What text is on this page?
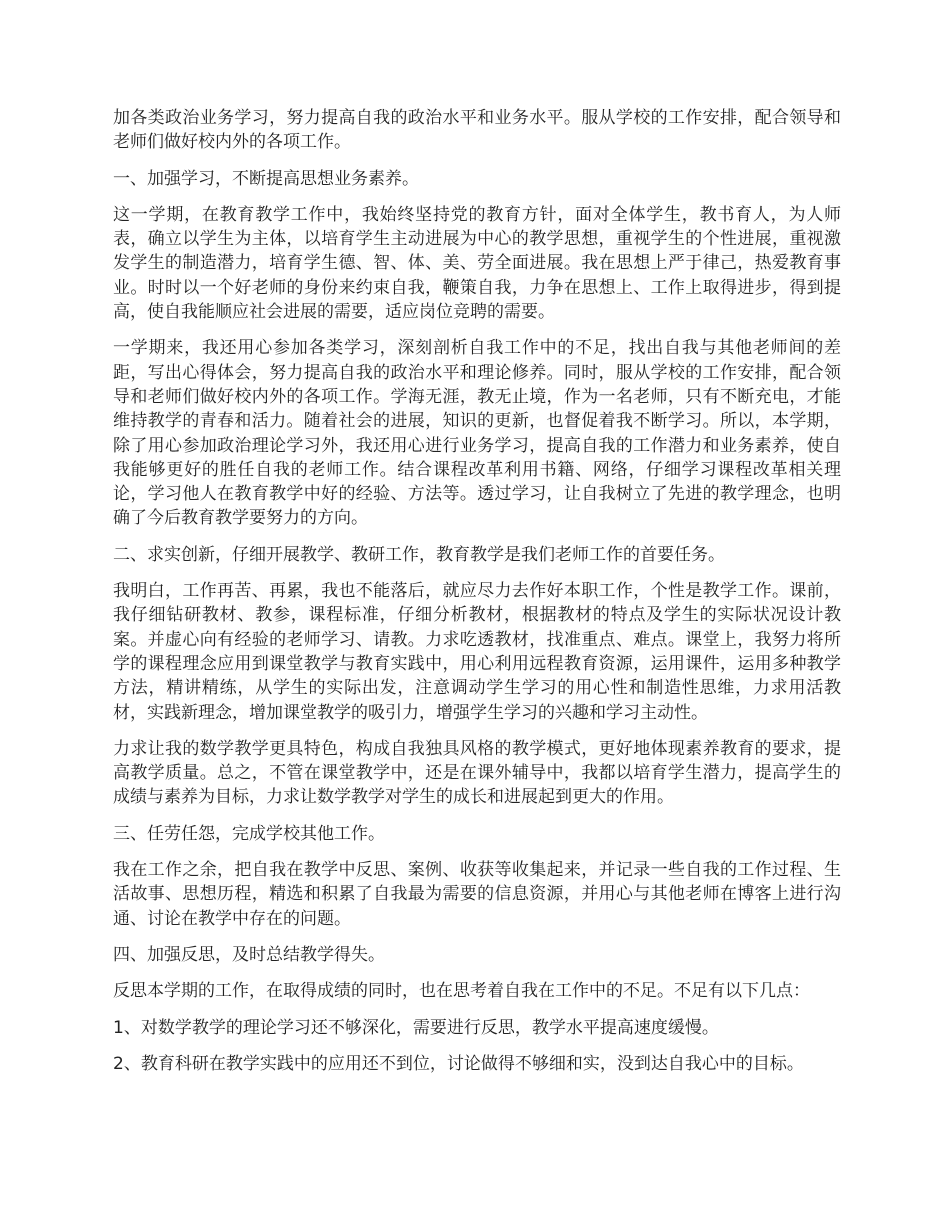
加各类政治业务学习，努力提高自我的政治水平和业务水平。服从学校的工作安排，配合领导和老师们做好校内外的各项工作。

一、加强学习，不断提高思想业务素养。

这一学期，在教育教学工作中，我始终坚持党的教育方针，面对全体学生，教书育人，为人师表，确立以学生为主体，以培育学生主动进展为中心的教学思想，重视学生的个性进展，重视激发学生的制造潜力，培育学生德、智、体、美、劳全面进展。我在思想上严于律己，热爱教育事业。时时以一个好老师的身份来约束自我，鞭策自我，力争在思想上、工作上取得进步，得到提高，使自我能顺应社会进展的需要，适应岗位竞聘的需要。

一学期来，我还用心参加各类学习，深刻剖析自我工作中的不足，找出自我与其他老师间的差距，写出心得体会，努力提高自我的政治水平和理论修养。同时，服从学校的工作安排，配合领导和老师们做好校内外的各项工作。学海无涯，教无止境，作为一名老师，只有不断充电，才能维持教学的青春和活力。随着社会的进展，知识的更新，也督促着我不断学习。所以，本学期，除了用心参加政治理论学习外，我还用心进行业务学习，提高自我的工作潜力和业务素养，使自我能够更好的胜任自我的老师工作。结合课程改革利用书籍、网络，仔细学习课程改革相关理论，学习他人在教育教学中好的经验、方法等。透过学习，让自我树立了先进的教学理念，也明确了今后教育教学要努力的方向。

二、求实创新，仔细开展教学、教研工作，教育教学是我们老师工作的首要任务。

我明白，工作再苦、再累，我也不能落后，就应尽力去作好本职工作，个性是教学工作。课前，我仔细钻研教材、教参，课程标准，仔细分析教材，根据教材的特点及学生的实际状况设计教案。并虚心向有经验的老师学习、请教。力求吃透教材，找准重点、难点。课堂上，我努力将所学的课程理念应用到课堂教学与教育实践中，用心利用远程教育资源，运用课件，运用多种教学方法，精讲精练，从学生的实际出发，注意调动学生学习的用心性和制造性思维，力求用活教材，实践新理念，增加课堂教学的吸引力，增强学生学习的兴趣和学习主动性。

力求让我的数学教学更具特色，构成自我独具风格的教学模式，更好地体现素养教育的要求，提高教学质量。总之，不管在课堂教学中，还是在课外辅导中，我都以培育学生潜力，提高学生的成绩与素养为目标，力求让数学教学对学生的成长和进展起到更大的作用。

三、任劳任怨，完成学校其他工作。

我在工作之余，把自我在教学中反思、案例、收获等收集起来，并记录一些自我的工作过程、生活故事、思想历程，精选和积累了自我最为需要的信息资源，并用心与其他老师在博客上进行沟通、讨论在教学中存在的问题。

四、加强反思，及时总结教学得失。

反思本学期的工作，在取得成绩的同时，也在思考着自我在工作中的不足。不足有以下几点：

1、对数学教学的理论学习还不够深化，需要进行反思，教学水平提高速度缓慢。

2、教育科研在教学实践中的应用还不到位，讨论做得不够细和实，没到达自我心中的目标。
